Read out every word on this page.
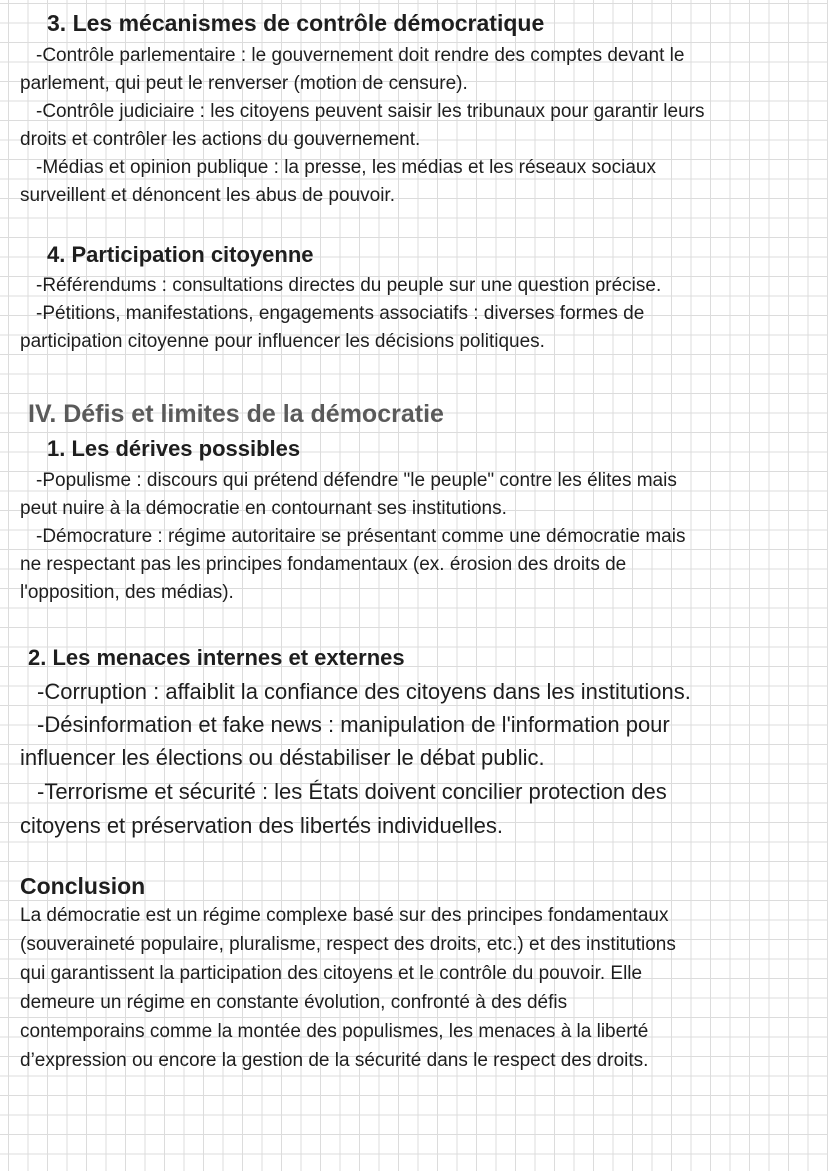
3. Les mécanismes de contrôle démocratique
-Contrôle parlementaire : le gouvernement doit rendre des comptes devant le
parlement, qui peut le renverser (motion de censure).
-Contrôle judiciaire : les citoyens peuvent saisir les tribunaux pour garantir leurs
droits et contrôler les actions du gouvernement.
-Médias et opinion publique : la presse, les médias et les réseaux sociaux
surveillent et dénoncent les abus de pouvoir.
4. Participation citoyenne
-Référendums : consultations directes du peuple sur une question précise.
-Pétitions, manifestations, engagements associatifs : diverses formes de
participation citoyenne pour influencer les décisions politiques.
IV. Défis et limites de la démocratie
1. Les dérives possibles
-Populisme : discours qui prétend défendre "le peuple" contre les élites mais
peut nuire à la démocratie en contournant ses institutions.
-Démocrature : régime autoritaire se présentant comme une démocratie mais
ne respectant pas les principes fondamentaux (ex. érosion des droits de
l'opposition, des médias).
2. Les menaces internes et externes
-Corruption : affaiblit la confiance des citoyens dans les institutions.
-Désinformation et fake news : manipulation de l'information pour
influencer les élections ou déstabiliser le débat public.
-Terrorisme et sécurité : les États doivent concilier protection des
citoyens et préservation des libertés individuelles.
Conclusion
La démocratie est un régime complexe basé sur des principes fondamentaux
(souveraineté populaire, pluralisme, respect des droits, etc.) et des institutions
qui garantissent la participation des citoyens et le contrôle du pouvoir. Elle
demeure un régime en constante évolution, confronté à des défis
contemporains comme la montée des populismes, les menaces à la liberté
d’expression ou encore la gestion de la sécurité dans le respect des droits.
